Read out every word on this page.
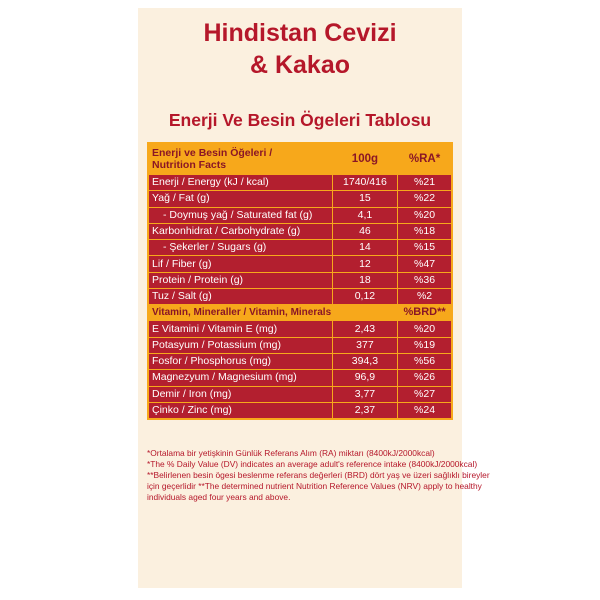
Hindistan Cevizi
& Kakao
Enerji Ve Besin Ögeleri Tablosu
Enerji ve Besin Öğeleri /
Nutrition Facts	100g	%RA*
Enerji / Energy (kJ / kcal)	1740/416	%21
Yağ / Fat (g)	15	%22
- Doymuş yağ / Saturated fat (g)	4,1	%20
Karbonhidrat / Carbohydrate (g)	46	%18
- Şekerler / Sugars (g)	14	%15
Lif / Fiber (g)	12	%47
Protein / Protein (g)	18	%36
Tuz / Salt (g)	0,12	%2
Vitamin, Mineraller / Vitamin, Minerals		%BRD**
E Vitamini / Vitamin E (mg)	2,43	%20
Potasyum / Potassium (mg)	377	%19
Fosfor / Phosphorus (mg)	394,3	%56
Magnezyum / Magnesium (mg)	96,9	%26
Demir / Iron (mg)	3,77	%27
Çinko / Zinc (mg)	2,37	%24
*Ortalama bir yetişkinin Günlük Referans Alım (RA) miktarı (8400kJ/2000kcal)
*The % Daily Value (DV) indicates an average adult's reference intake (8400kJ/2000kcal)
**Belirlenen besin ögesi beslenme referans değerleri (BRD) dört yaş ve üzeri sağlıklı bireyler
için geçerlidir **The determined nutrient Nutrition Reference Values (NRV) apply to healthy
individuals aged four years and above.
